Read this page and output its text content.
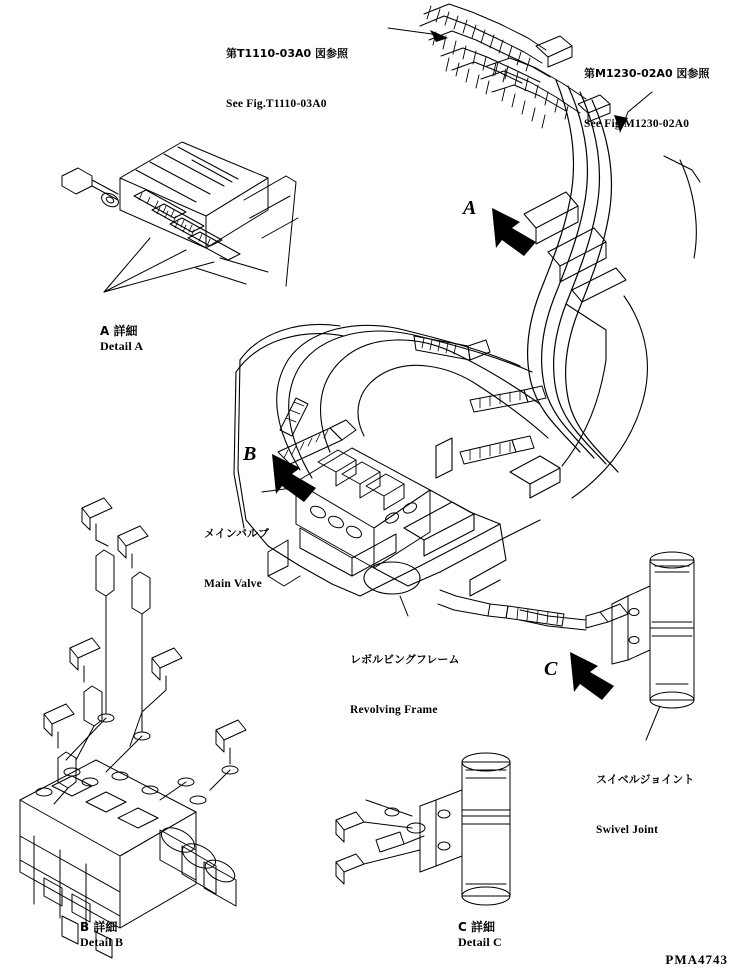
第T1110-03A0 図参照

See Fig.T1110-03A0

第M1230-02A0 図参照

See Fig.M1230-02A0

A
B
C
A 詳細
Detail A

メインバルブ

Main Valve

レボルビングフレーム

Revolving Frame

スイベルジョイント

Swivel Joint

B 詳細
Detail B
C 詳細
Detail C
PMA4743
